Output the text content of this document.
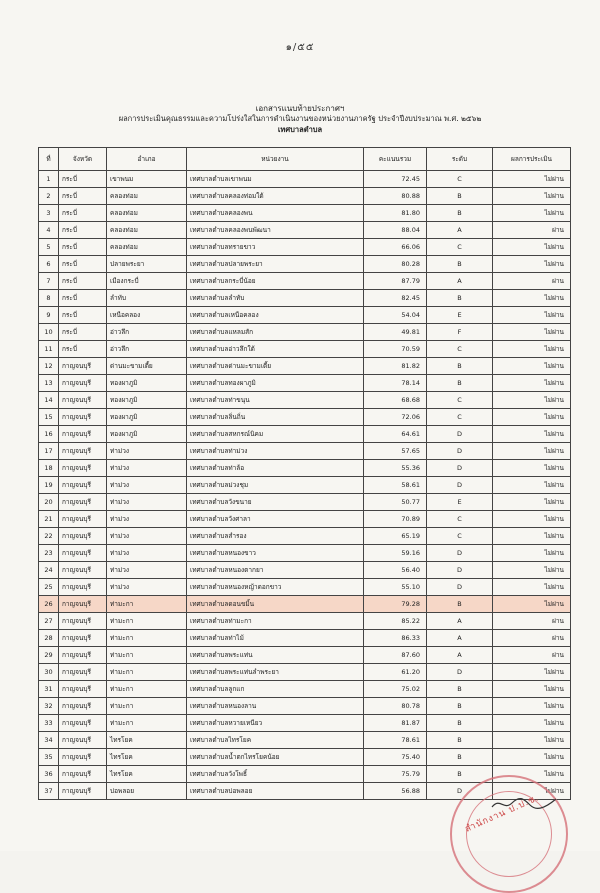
๑/๕๕
เอกสารแนบท้ายประกาศฯ
ผลการประเมินคุณธรรมและความโปร่งใสในการดำเนินงานของหน่วยงานภาครัฐ ประจำปีงบประมาณ พ.ศ. ๒๕๖๒
เทศบาลตำบล
ที่	จังหวัด	อำเภอ	หน่วยงาน	คะแนนรวม	ระดับ	ผลการประเมิน
1	กระบี่	เขาพนม	เทศบาลตำบลเขาพนม	72.45	C	ไม่ผ่าน
2	กระบี่	คลองท่อม	เทศบาลตำบลคลองท่อมใต้	80.88	B	ไม่ผ่าน
3	กระบี่	คลองท่อม	เทศบาลตำบลคลองพน	81.80	B	ไม่ผ่าน
4	กระบี่	คลองท่อม	เทศบาลตำบลคลองพนพัฒนา	88.04	A	ผ่าน
5	กระบี่	คลองท่อม	เทศบาลตำบลทรายขาว	66.06	C	ไม่ผ่าน
6	กระบี่	ปลายพระยา	เทศบาลตำบลปลายพระยา	80.28	B	ไม่ผ่าน
7	กระบี่	เมืองกระบี่	เทศบาลตำบลกระบี่น้อย	87.79	A	ผ่าน
8	กระบี่	ลำทับ	เทศบาลตำบลลำทับ	82.45	B	ไม่ผ่าน
9	กระบี่	เหนือคลอง	เทศบาลตำบลเหนือคลอง	54.04	E	ไม่ผ่าน
10	กระบี่	อ่าวลึก	เทศบาลตำบลแหลมสัก	49.81	F	ไม่ผ่าน
11	กระบี่	อ่าวลึก	เทศบาลตำบลอ่าวลึกใต้	70.59	C	ไม่ผ่าน
12	กาญจนบุรี	ด่านมะขามเตี้ย	เทศบาลตำบลด่านมะขามเตี้ย	81.82	B	ไม่ผ่าน
13	กาญจนบุรี	ทองผาภูมิ	เทศบาลตำบลทองผาภูมิ	78.14	B	ไม่ผ่าน
14	กาญจนบุรี	ทองผาภูมิ	เทศบาลตำบลท่าขนุน	68.68	C	ไม่ผ่าน
15	กาญจนบุรี	ทองผาภูมิ	เทศบาลตำบลลิ่นถิ่น	72.06	C	ไม่ผ่าน
16	กาญจนบุรี	ทองผาภูมิ	เทศบาลตำบลสหกรณ์นิคม	64.61	D	ไม่ผ่าน
17	กาญจนบุรี	ท่าม่วง	เทศบาลตำบลท่าม่วง	57.65	D	ไม่ผ่าน
18	กาญจนบุรี	ท่าม่วง	เทศบาลตำบลท่าล้อ	55.36	D	ไม่ผ่าน
19	กาญจนบุรี	ท่าม่วง	เทศบาลตำบลม่วงชุม	58.61	D	ไม่ผ่าน
20	กาญจนบุรี	ท่าม่วง	เทศบาลตำบลวังขนาย	50.77	E	ไม่ผ่าน
21	กาญจนบุรี	ท่าม่วง	เทศบาลตำบลวังศาลา	70.89	C	ไม่ผ่าน
22	กาญจนบุรี	ท่าม่วง	เทศบาลตำบลสำรอง	65.19	C	ไม่ผ่าน
23	กาญจนบุรี	ท่าม่วง	เทศบาลตำบลหนองขาว	59.16	D	ไม่ผ่าน
24	กาญจนบุรี	ท่าม่วง	เทศบาลตำบลหนองตากยา	56.40	D	ไม่ผ่าน
25	กาญจนบุรี	ท่าม่วง	เทศบาลตำบลหนองหญ้าดอกขาว	55.10	D	ไม่ผ่าน
26	กาญจนบุรี	ท่ามะกา	เทศบาลตำบลดอนขมิ้น	79.28	B	ไม่ผ่าน
27	กาญจนบุรี	ท่ามะกา	เทศบาลตำบลท่ามะกา	85.22	A	ผ่าน
28	กาญจนบุรี	ท่ามะกา	เทศบาลตำบลท่าไม้	86.33	A	ผ่าน
29	กาญจนบุรี	ท่ามะกา	เทศบาลตำบลพระแท่น	87.60	A	ผ่าน
30	กาญจนบุรี	ท่ามะกา	เทศบาลตำบลพระแท่นลำพระยา	61.20	D	ไม่ผ่าน
31	กาญจนบุรี	ท่ามะกา	เทศบาลตำบลลูกแก	75.02	B	ไม่ผ่าน
32	กาญจนบุรี	ท่ามะกา	เทศบาลตำบลหนองลาน	80.78	B	ไม่ผ่าน
33	กาญจนบุรี	ท่ามะกา	เทศบาลตำบลหวายเหนียว	81.87	B	ไม่ผ่าน
34	กาญจนบุรี	ไทรโยค	เทศบาลตำบลไทรโยค	78.61	B	ไม่ผ่าน
35	กาญจนบุรี	ไทรโยค	เทศบาลตำบลน้ำตกไทรโยคน้อย	75.40	B	ไม่ผ่าน
36	กาญจนบุรี	ไทรโยค	เทศบาลตำบลวังโพธิ์	75.79	B	ไม่ผ่าน
37	กาญจนบุรี	บ่อพลอย	เทศบาลตำบลบ่อพลอย	56.88	D	ไม่ผ่าน
สำนักงาน ป.ป.ช.
